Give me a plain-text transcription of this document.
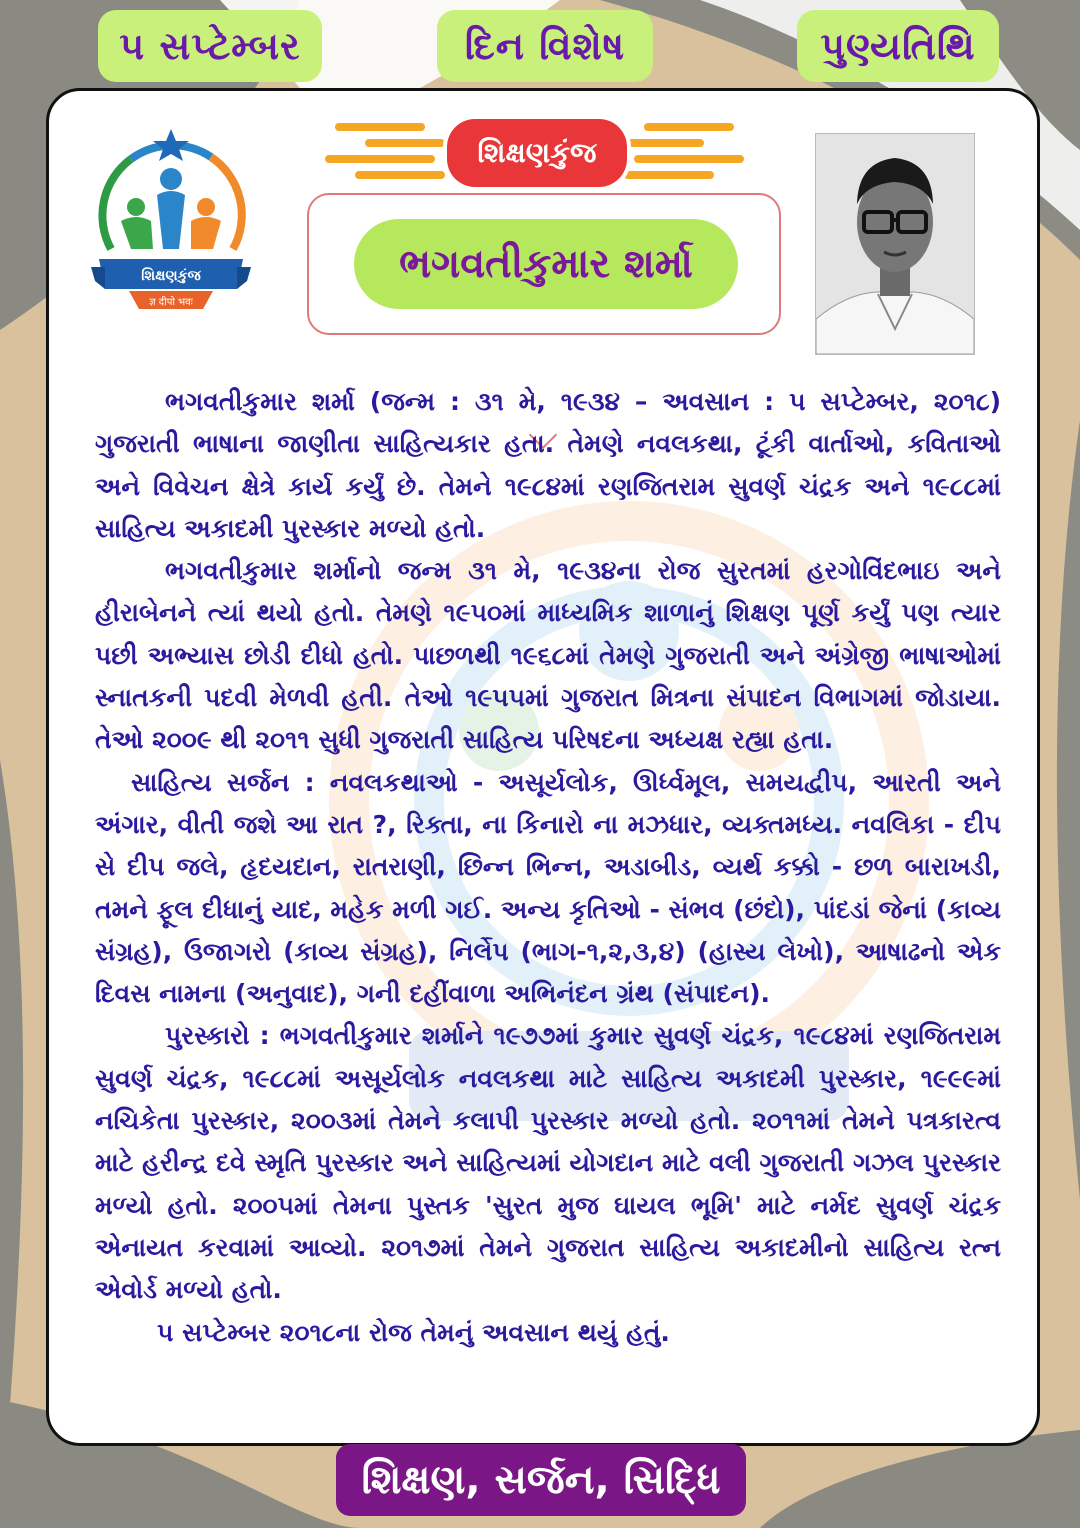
૫ સપ્ટેમ્બર	દિન વિશેષ	પુણ્યતિથિ
શિક્ષણકુંજ
ज्ञ दीपो भवः
શિક્ષણકુંજ
ભગવતીકુમાર શર્મા

ભગવતીકુમાર શર્મા (જન્મ : ૩૧ મે, ૧૯૩૪ – અવસાન : ૫ સપ્ટેમ્બર, ૨૦૧૮) ગુજરાતી ભાષાના જાણીતા સાહિત્યકાર હતા. તેમણે નવલકથા, ટૂંકી વાર્તાઓ, કવિતાઓ અને વિવેચન ક્ષેત્રે કાર્ય કર્યું છે. તેમને ૧૯૮૪માં રણજિતરામ સુવર્ણ ચંદ્રક અને ૧૯૮૮માં સાહિત્ય અકાદમી પુરસ્કાર મળ્યો હતો.

ભગવતીકુમાર શર્માનો જન્મ ૩૧ મે, ૧૯૩૪ના રોજ સુરતમાં હરગોવિંદભાઇ અને હીરાબેનને ત્યાં થયો હતો. તેમણે ૧૯૫૦માં માધ્યમિક શાળાનું શિક્ષણ પૂર્ણ કર્યું પણ ત્યાર પછી અભ્યાસ છોડી દીધો હતો. પાછળથી ૧૯૬૮માં તેમણે ગુજરાતી અને અંગ્રેજી ભાષાઓમાં સ્નાતકની પદવી મેળવી હતી. તેઓ ૧૯૫૫માં ગુજરાત મિત્રના સંપાદન વિભાગમાં જોડાયા. તેઓ ૨૦૦૯ થી ૨૦૧૧ સુધી ગુજરાતી સાહિત્ય પરિષદના અધ્યક્ષ રહ્યા હતા.

સાહિત્ય સર્જન : નવલકથાઓ - અસૂર્યલોક, ઊર્ધ્વમૂલ, સમયદ્વીપ, આરતી અને અંગાર, વીતી જશે આ રાત ?, રિક્તા, ના કિનારો ના મઝધાર, વ્યક્તમધ્ય. નવલિકા - દીપ સે દીપ જલે, હૃદયદાન, રાતરાણી, છિન્ન ભિન્ન, અડાબીડ, વ્યર્થ કક્કો - છળ બારાખડી, તમને ફૂલ દીધાનું યાદ, મહેક મળી ગઈ. અન્ય કૃતિઓ - સંભવ (છંદો), પાંદડાં જેનાં (કાવ્ય સંગ્રહ), ઉજાગરો (કાવ્ય સંગ્રહ), નિર્લેપ (ભાગ-૧,૨,૩,૪) (હાસ્ય લેખો), આષાઢનો એક દિવસ નામના (અનુવાદ), ગની દહીંવાળા અભિનંદન ગ્રંથ (સંપાદન).

પુરસ્કારો : ભગવતીકુમાર શર્માને ૧૯૭૭માં કુમાર સુવર્ણ ચંદ્રક, ૧૯૮૪માં રણજિતરામ સુવર્ણ ચંદ્રક, ૧૯૮૮માં અસૂર્યલોક નવલકથા માટે સાહિત્ય અકાદમી પુરસ્કાર, ૧૯૯૯માં નચિકેતા પુરસ્કાર, ૨૦૦૩માં તેમને કલાપી પુરસ્કાર મળ્યો હતો. ૨૦૧૧માં તેમને પત્રકારત્વ માટે હરીન્દ્ર દવે સ્મૃતિ પુરસ્કાર અને સાહિત્યમાં યોગદાન માટે વલી ગુજરાતી ગઝલ પુરસ્કાર મળ્યો હતો. ૨૦૦૫માં તેમના પુસ્તક 'સુરત મુજ ઘાયલ ભૂમિ' માટે નર્મદ સુવર્ણ ચંદ્રક એનાયત કરવામાં આવ્યો. ૨૦૧૭માં તેમને ગુજરાત સાહિત્ય અકાદમીનો સાહિત્ય રત્ન એવોર્ડ મળ્યો હતો.

૫ સપ્ટેમ્બર ૨૦૧૮ના રોજ તેમનું અવસાન થયું હતું.

શિક્ષણ, સર્જન, સિદ્ધિ
